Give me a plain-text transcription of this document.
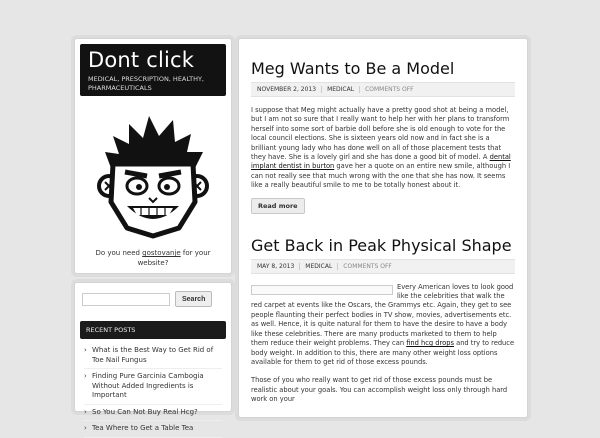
Dont click
MEDICAL, PRESCRIPTION, HEALTHY, PHARMACEUTICALS
Do you need gostovanje for your website?
Search
RECENT POSTS
› What is the Best Way to Get Rid of Toe Nail Fungus
› Finding Pure Garcinia Cambogia Without Added Ingredients is Important
› So You Can Not Buy Real Hcg?
› Tea Where to Get a Table Tea
Meg Wants to Be a Model
NOVEMBER 2, 2013	MEDICAL	COMMENTS OFF

I suppose that Meg might actually have a pretty good shot at being a model, but I am not so sure that I really want to help her with her plans to transform herself into some sort of barbie doll before she is old enough to vote for the local council elections. She is sixteen years old now and in fact she is a brilliant young lady who has done well on all of those placement tests that they have. She is a lovely girl and she has done a good bit of model. A dental implant dentist in burton gave her a quote on an entire new smile, although I can not really see that much wrong with the one that she has now. It seems like a really beautiful smile to me to be totally honest about it.

Read more
Get Back in Peak Physical Shape
MAY 8, 2013	MEDICAL	COMMENTS OFF

Every American loves to look good like the celebrities that walk the red carpet at events like the Oscars, the Grammys etc. Again, they get to see people flaunting their perfect bodies in TV show, movies, advertisements etc. as well. Hence, it is quite natural for them to have the desire to have a body like these celebrities. There are many products marketed to them to help them reduce their weight problems. They can find hcg drops and try to reduce body weight. In addition to this, there are many other weight loss options available for them to get rid of those excess pounds.

Those of you who really want to get rid of those excess pounds must be realistic about your goals. You can accomplish weight loss only through hard work on your
